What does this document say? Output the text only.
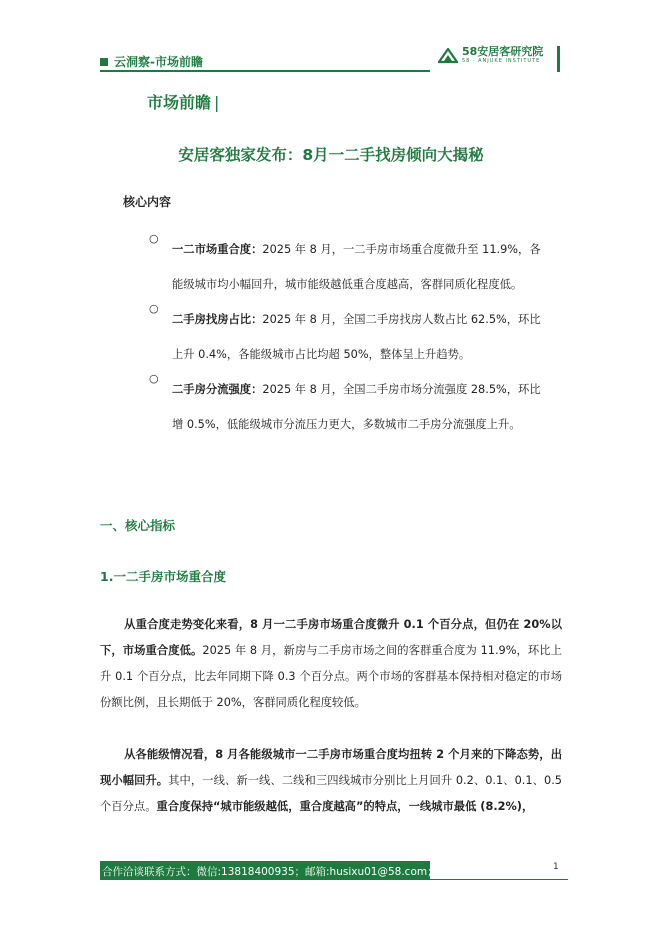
云洞察-市场前瞻
58安居客研究院
58 · ANJUKE INSTITUTE
市场前瞻 |
安居客独家发布：8月一二手找房倾向大揭秘
核心内容
○
一二市场重合度：2025 年 8 月，一二手房市场重合度微升至 11.9%，各
能级城市均小幅回升，城市能级越低重合度越高，客群同质化程度低。
○
二手房找房占比：2025 年 8 月，全国二手房找房人数占比 62.5%，环比
上升 0.4%，各能级城市占比均超 50%，整体呈上升趋势。
○
二手房分流强度：2025 年 8 月，全国二手房市场分流强度 28.5%，环比
增 0.5%，低能级城市分流压力更大，多数城市二手房分流强度上升。
一、核心指标
1.一二手房市场重合度
从重合度走势变化来看，8 月一二手房市场重合度微升 0.1 个百分点，但仍在 20%以下，市场重合度低。2025 年 8 月，新房与二手房市场之间的客群重合度为 11.9%，环比上升 0.1 个百分点，比去年同期下降 0.3 个百分点。两个市场的客群基本保持相对稳定的市场份额比例，且长期低于 20%，客群同质化程度较低。
从各能级情况看，8 月各能级城市一二手房市场重合度均扭转 2 个月来的下降态势，出现小幅回升。其中，一线、新一线、二线和三四线城市分别比上月回升 0.2、0.1、0.1、0.5 个百分点。重合度保持“城市能级越低，重合度越高”的特点，一线城市最低 (8.2%)，
合作洽谈联系方式：微信:13818400935；邮箱:husixu01@58.com；	1
